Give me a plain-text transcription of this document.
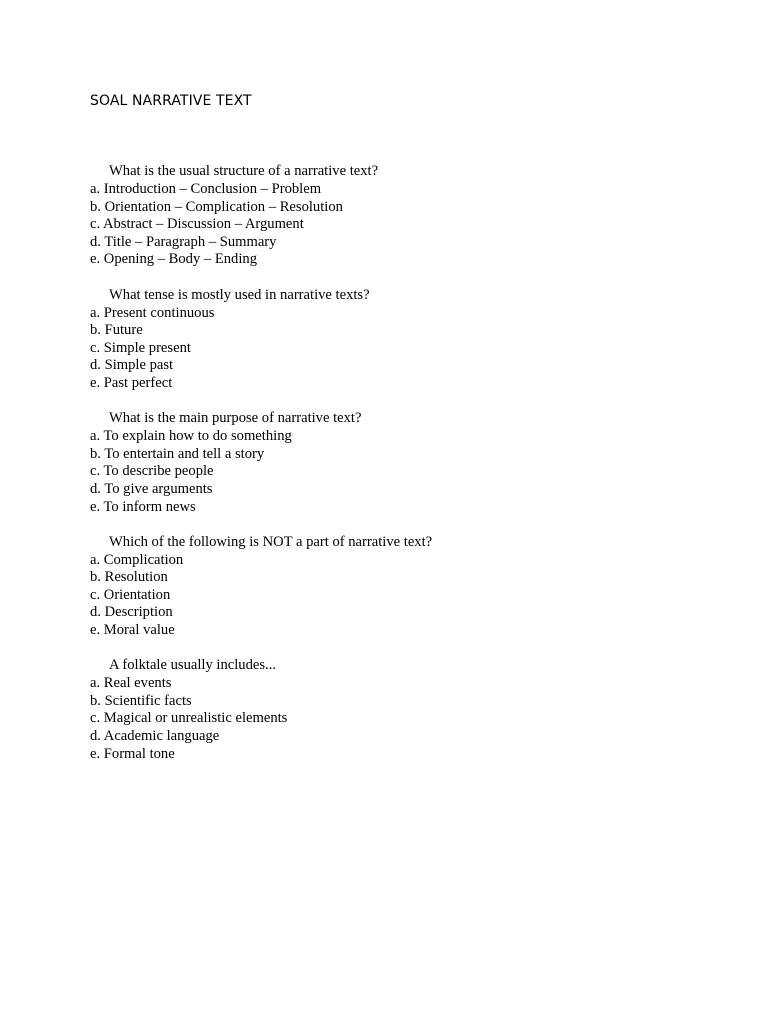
SOAL NARRATIVE TEXT
What is the usual structure of a narrative text?
a. Introduction – Conclusion – Problem
b. Orientation – Complication – Resolution
c. Abstract – Discussion – Argument
d. Title – Paragraph – Summary
e. Opening – Body – Ending
What tense is mostly used in narrative texts?
a. Present continuous
b. Future
c. Simple present
d. Simple past
e. Past perfect
What is the main purpose of narrative text?
a. To explain how to do something
b. To entertain and tell a story
c. To describe people
d. To give arguments
e. To inform news
Which of the following is NOT a part of narrative text?
a. Complication
b. Resolution
c. Orientation
d. Description
e. Moral value
A folktale usually includes...
a. Real events
b. Scientific facts
c. Magical or unrealistic elements
d. Academic language
e. Formal tone
